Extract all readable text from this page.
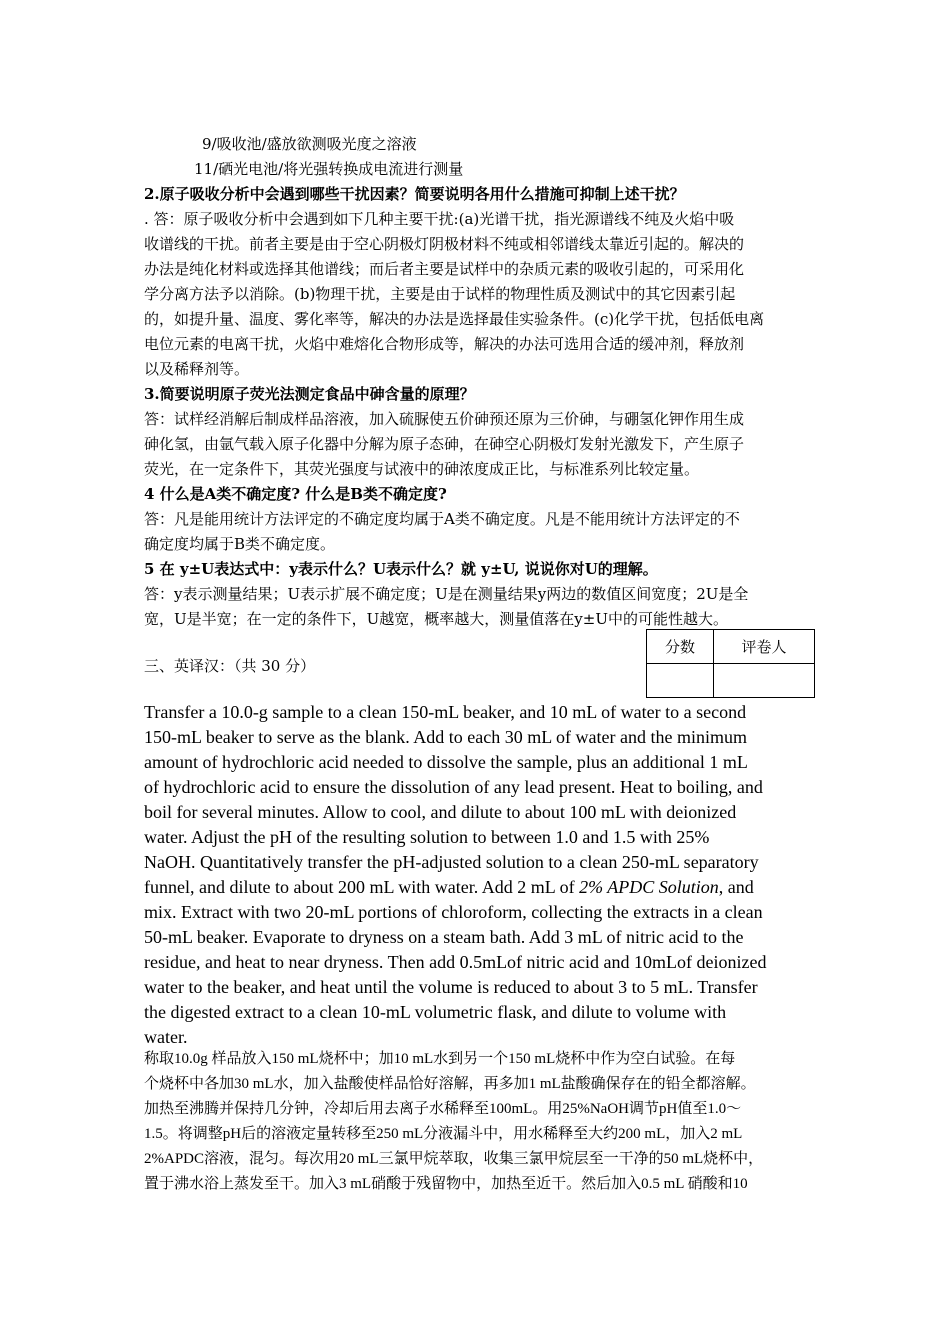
9/吸收池/盛放欲测吸光度之溶液
11/硒光电池/将光强转换成电流进行测量
2.原子吸收分析中会遇到哪些干扰因素？简要说明各用什么措施可抑制上述干扰？
. 答：原子吸收分析中会遇到如下几种主要干扰:(a)光谱干扰，指光源谱线不纯及火焰中吸
收谱线的干扰。前者主要是由于空心阴极灯阴极材料不纯或相邻谱线太靠近引起的。解决的
办法是纯化材料或选择其他谱线；而后者主要是试样中的杂质元素的吸收引起的，可采用化
学分离方法予以消除。(b)物理干扰，主要是由于试样的物理性质及测试中的其它因素引起
的，如提升量、温度、雾化率等，解决的办法是选择最佳实验条件。(c)化学干扰，包括低电离
电位元素的电离干扰，火焰中难熔化合物形成等，解决的办法可选用合适的缓冲剂，释放剂
以及稀释剂等。
3.简要说明原子荧光法测定食品中砷含量的原理？
答：试样经消解后制成样品溶液，加入硫脲使五价砷预还原为三价砷，与硼氢化钾作用生成
砷化氢，由氩气载入原子化器中分解为原子态砷，在砷空心阴极灯发射光激发下，产生原子
荧光，在一定条件下，其荧光强度与试液中的砷浓度成正比，与标准系列比较定量。
4 什么是A类不确定度? 什么是B类不确定度?
答：凡是能用统计方法评定的不确定度均属于A类不确定度。凡是不能用统计方法评定的不
确定度均属于B类不确定度。
5 在 y±U表达式中：y表示什么？U表示什么？就 y±U, 说说你对U的理解。
答：y表示测量结果；U表示扩展不确定度；U是在测量结果y两边的数值区间宽度；2U是全
宽，U是半宽；在一定的条件下，U越宽，概率越大，测量值落在y±U中的可能性越大。
三、英译汉：（共 30 分）
分数	评卷人

Transfer a 10.0-g sample to a clean 150-mL beaker, and 10 mL of water to a second
150-mL beaker to serve as the blank. Add to each 30 mL of water and the minimum
amount of hydrochloric acid needed to dissolve the sample, plus an additional 1 mL
of hydrochloric acid to ensure the dissolution of any lead present. Heat to boiling, and
boil for several minutes. Allow to cool, and dilute to about 100 mL with deionized
water. Adjust the pH of the resulting solution to between 1.0 and 1.5 with 25%
NaOH. Quantitatively transfer the pH-adjusted solution to a clean 250-mL separatory
funnel, and dilute to about 200 mL with water. Add 2 mL of 2% APDC Solution, and
mix. Extract with two 20-mL portions of chloroform, collecting the extracts in a clean
50-mL beaker. Evaporate to dryness on a steam bath. Add 3 mL of nitric acid to the
residue, and heat to near dryness. Then add 0.5mLof nitric acid and 10mLof deionized
water to the beaker, and heat until the volume is reduced to about 3 to 5 mL. Transfer
the digested extract to a clean 10-mL volumetric flask, and dilute to volume with
water.
称取10.0g 样品放入150 mL烧杯中；加10 mL水到另一个150 mL烧杯中作为空白试验。在每
个烧杯中各加30 mL水，加入盐酸使样品恰好溶解，再多加1 mL盐酸确保存在的铅全都溶解。
加热至沸腾并保持几分钟，冷却后用去离子水稀释至100mL。用25%NaOH调节pH值至1.0～
1.5。将调整pH后的溶液定量转移至250 mL分液漏斗中，用水稀释至大约200 mL，加入2 mL
2%APDC溶液，混匀。每次用20 mL三氯甲烷萃取，收集三氯甲烷层至一干净的50 mL烧杯中，
置于沸水浴上蒸发至干。加入3 mL硝酸于残留物中，加热至近干。然后加入0.5 mL 硝酸和10
